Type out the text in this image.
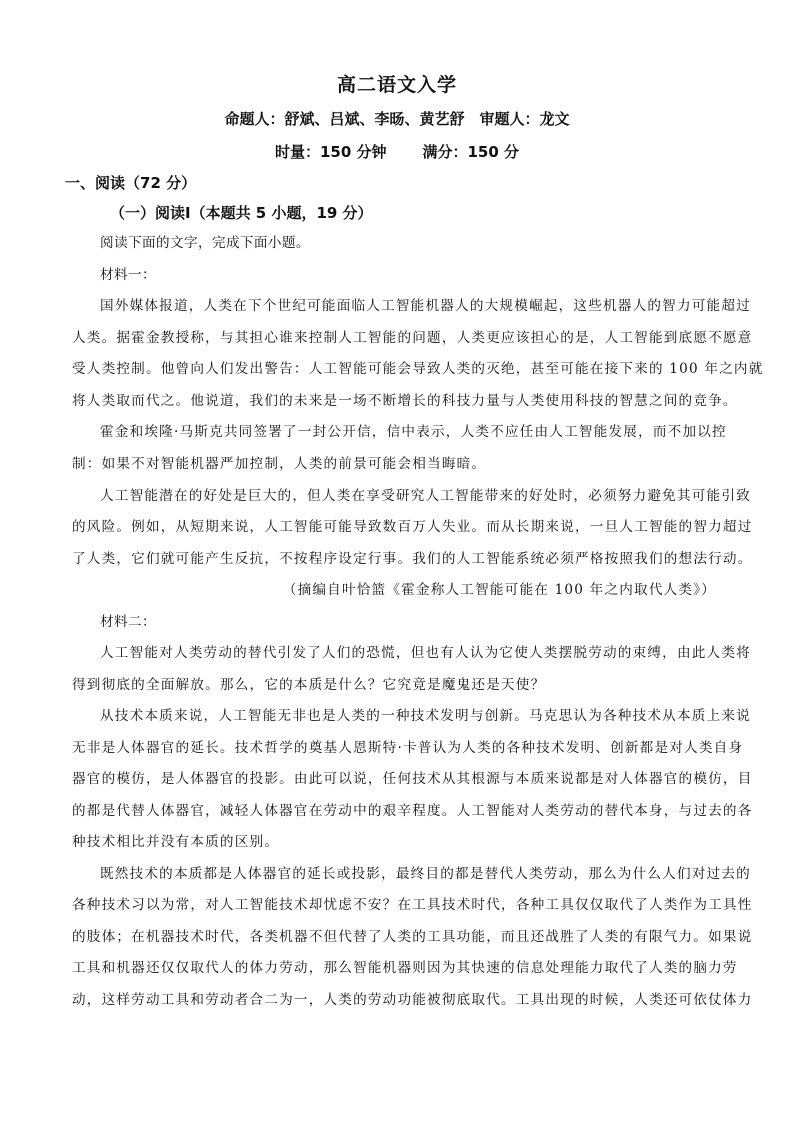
高二语文入学
命题人：舒斌、吕斌、李旸、黄艺舒　审题人：龙文
时量：150 分钟 满分：150 分
一、阅读（72 分）
（一）阅读Ⅰ（本题共 5 小题，19 分）
阅读下面的文字，完成下面小题。
材料一：
国外媒体报道，人类在下个世纪可能面临人工智能机器人的大规模崛起，这些机器人的智力可能超过
人类。据霍金教授称，与其担心谁来控制人工智能的问题，人类更应该担心的是，人工智能到底愿不愿意
受人类控制。他曾向人们发出警告：人工智能可能会导致人类的灭绝，甚至可能在接下来的 100 年之内就
将人类取而代之。他说道，我们的未来是一场不断增长的科技力量与人类使用科技的智慧之间的竞争。
霍金和埃隆·马斯克共同签署了一封公开信，信中表示，人类不应任由人工智能发展，而不加以控
制：如果不对智能机器严加控制，人类的前景可能会相当晦暗。
人工智能潜在的好处是巨大的，但人类在享受研究人工智能带来的好处时，必须努力避免其可能引致
的风险。例如，从短期来说，人工智能可能导致数百万人失业。而从长期来说，一旦人工智能的智力超过
了人类，它们就可能产生反抗，不按程序设定行事。我们的人工智能系统必须严格按照我们的想法行动。
（摘编自叶恰篮《霍金称人工智能可能在 100 年之内取代人类》）
材料二：
人工智能对人类劳动的替代引发了人们的恐慌，但也有人认为它使人类摆脱劳动的束缚，由此人类将
得到彻底的全面解放。那么，它的本质是什么？它究竟是魔鬼还是天使？
从技术本质来说，人工智能无非也是人类的一种技术发明与创新。马克思认为各种技术从本质上来说
无非是人体器官的延长。技术哲学的奠基人恩斯特·卡普认为人类的各种技术发明、创新都是对人类自身
器官的模仿，是人体器官的投影。由此可以说，任何技术从其根源与本质来说都是对人体器官的模仿，目
的都是代替人体器官，减轻人体器官在劳动中的艰辛程度。人工智能对人类劳动的替代本身，与过去的各
种技术相比并没有本质的区别。
既然技术的本质都是人体器官的延长或投影，最终目的都是替代人类劳动，那么为什么人们对过去的
各种技术习以为常，对人工智能技术却忧虑不安？在工具技术时代，各种工具仅仅取代了人类作为工具性
的肢体；在机器技术时代，各类机器不但代替了人类的工具功能，而且还战胜了人类的有限气力。如果说
工具和机器还仅仅取代人的体力劳动，那么智能机器则因为其快速的信息处理能力取代了人类的脑力劳
动，这样劳动工具和劳动者合二为一，人类的劳动功能被彻底取代。工具出现的时候，人类还可依仗体力
